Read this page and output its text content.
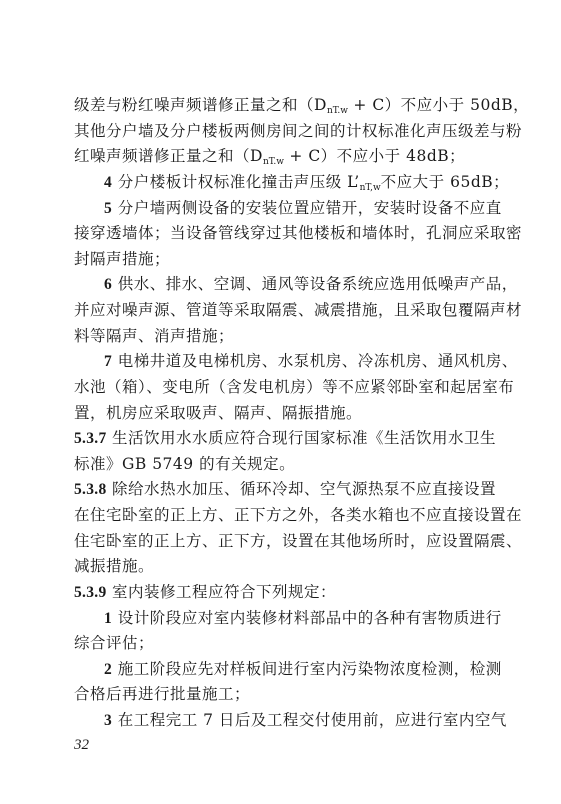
级差与粉红噪声频谱修正量之和$(D_{nT.w} + C)$不应小于 50dB，
其他分户墙及分户楼板两侧房间之间的计权标准化声压级差与粉
红噪声频谱修正量之和$(D_{nT.w} + C)$不应小于 48dB；
4 分户楼板计权标准化撞击声压级 $L’_{nT,w}$不应大于 65dB；
5 分户墙两侧设备的安装位置应错开，安装时设备不应直
接穿透墙体；当设备管线穿过其他楼板和墙体时，孔洞应采取密
封隔声措施；
6 供水、排水、空调、通风等设备系统应选用低噪声产品，
并应对噪声源、管道等采取隔震、减震措施，且采取包覆隔声材
料等隔声、消声措施；
7 电梯井道及电梯机房、水泵机房、冷冻机房、通风机房、
水池（箱）、变电所（含发电机房）等不应紧邻卧室和起居室布
置，机房应采取吸声、隔声、隔振措施。
5.3.7 生活饮用水水质应符合现行国家标准《生活饮用水卫生
标准》GB 5749 的有关规定。
5.3.8 除给水热水加压、循环冷却、空气源热泵不应直接设置
在住宅卧室的正上方、正下方之外，各类水箱也不应直接设置在
住宅卧室的正上方、正下方，设置在其他场所时，应设置隔震、
减振措施。
5.3.9 室内装修工程应符合下列规定：
1 设计阶段应对室内装修材料部品中的各种有害物质进行
综合评估；
2 施工阶段应先对样板间进行室内污染物浓度检测，检测
合格后再进行批量施工；
3 在工程完工 7 日后及工程交付使用前，应进行室内空气
32
